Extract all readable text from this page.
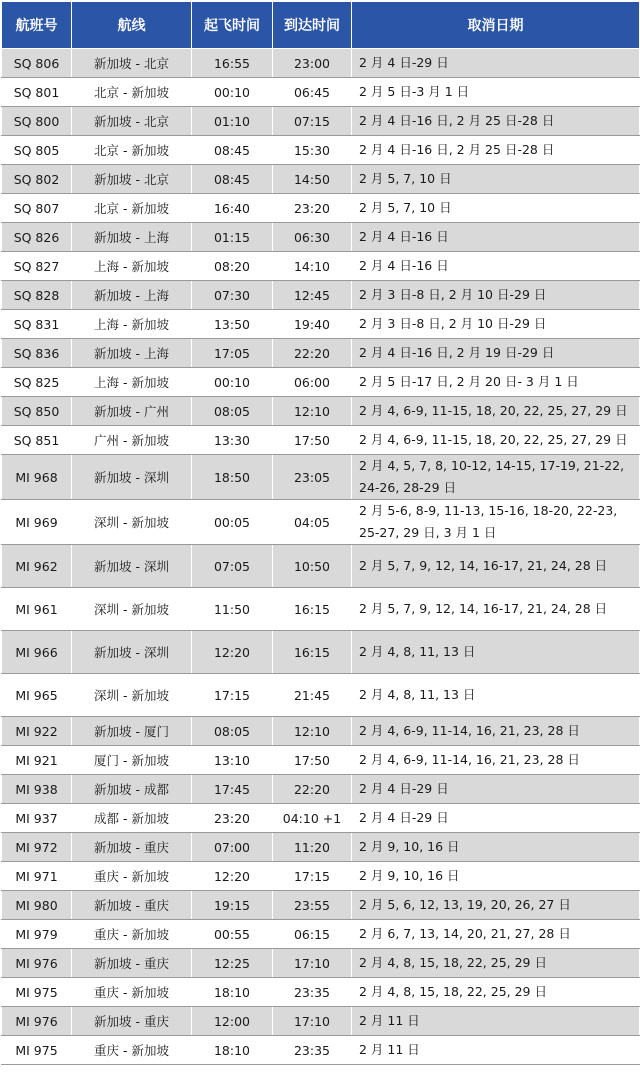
航班号	航线	起飞时间	到达时间	取消日期
SQ 806	新加坡 - 北京	16:55	23:00	2 月 4 日-29 日
SQ 801	北京 - 新加坡	00:10	06:45	2 月 5 日-3 月 1 日
SQ 800	新加坡 - 北京	01:10	07:15	2 月 4 日-16 日, 2 月 25 日-28 日
SQ 805	北京 - 新加坡	08:45	15:30	2 月 4 日-16 日, 2 月 25 日-28 日
SQ 802	新加坡 - 北京	08:45	14:50	2 月 5, 7, 10 日
SQ 807	北京 - 新加坡	16:40	23:20	2 月 5, 7, 10 日
SQ 826	新加坡 - 上海	01:15	06:30	2 月 4 日-16 日
SQ 827	上海 - 新加坡	08:20	14:10	2 月 4 日-16 日
SQ 828	新加坡 - 上海	07:30	12:45	2 月 3 日-8 日, 2 月 10 日-29 日
SQ 831	上海 - 新加坡	13:50	19:40	2 月 3 日-8 日, 2 月 10 日-29 日
SQ 836	新加坡 - 上海	17:05	22:20	2 月 4 日-16 日, 2 月 19 日-29 日
SQ 825	上海 - 新加坡	00:10	06:00	2 月 5 日-17 日, 2 月 20 日- 3 月 1 日
SQ 850	新加坡 - 广州	08:05	12:10	2 月 4, 6-9, 11-15, 18, 20, 22, 25, 27, 29 日
SQ 851	广州 - 新加坡	13:30	17:50	2 月 4, 6-9, 11-15, 18, 20, 22, 25, 27, 29 日
MI 968	新加坡 - 深圳	18:50	23:05	2 月 4, 5, 7, 8, 10-12, 14-15, 17-19, 21-22, 24-26, 28-29 日
MI 969	深圳 - 新加坡	00:05	04:05	2 月 5-6, 8-9, 11-13, 15-16, 18-20, 22-23, 25-27, 29 日, 3 月 1 日
MI 962	新加坡 - 深圳	07:05	10:50	2 月 5, 7, 9, 12, 14, 16-17, 21, 24, 28 日
MI 961	深圳 - 新加坡	11:50	16:15	2 月 5, 7, 9, 12, 14, 16-17, 21, 24, 28 日
MI 966	新加坡 - 深圳	12:20	16:15	2 月 4, 8, 11, 13 日
MI 965	深圳 - 新加坡	17:15	21:45	2 月 4, 8, 11, 13 日
MI 922	新加坡 - 厦门	08:05	12:10	2 月 4, 6-9, 11-14, 16, 21, 23, 28 日
MI 921	厦门 - 新加坡	13:10	17:50	2 月 4, 6-9, 11-14, 16, 21, 23, 28 日
MI 938	新加坡 - 成都	17:45	22:20	2 月 4 日-29 日
MI 937	成都 - 新加坡	23:20	04:10 +1	2 月 4 日-29 日
MI 972	新加坡 - 重庆	07:00	11:20	2 月 9, 10, 16 日
MI 971	重庆 - 新加坡	12:20	17:15	2 月 9, 10, 16 日
MI 980	新加坡 - 重庆	19:15	23:55	2 月 5, 6, 12, 13, 19, 20, 26, 27 日
MI 979	重庆 - 新加坡	00:55	06:15	2 月 6, 7, 13, 14, 20, 21, 27, 28 日
MI 976	新加坡 - 重庆	12:25	17:10	2 月 4, 8, 15, 18, 22, 25, 29 日
MI 975	重庆 - 新加坡	18:10	23:35	2 月 4, 8, 15, 18, 22, 25, 29 日
MI 976	新加坡 - 重庆	12:00	17:10	2 月 11 日
MI 975	重庆 - 新加坡	18:10	23:35	2 月 11 日
